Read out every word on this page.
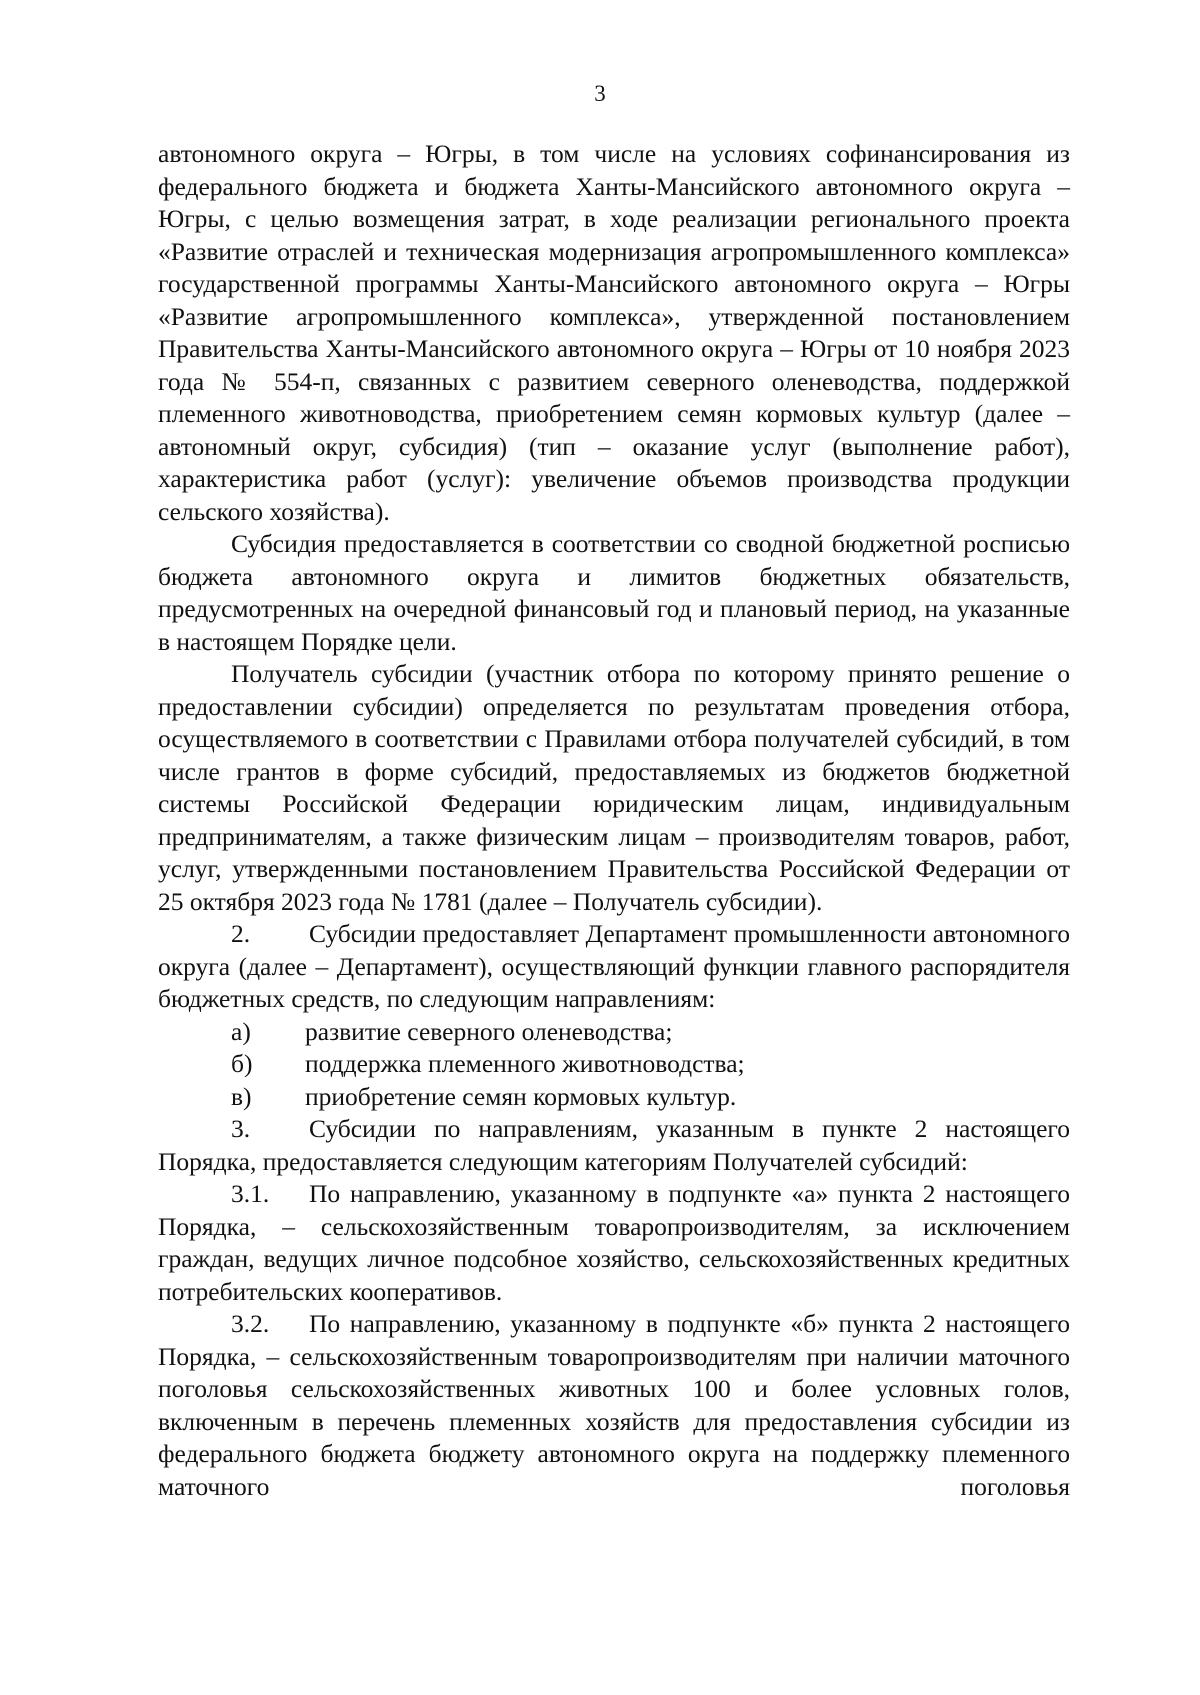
3

автономного округа – Югры, в том числе на условиях софинансирования из федерального бюджета и бюджета Ханты-Мансийского автономного округа – Югры, с целью возмещения затрат, в ходе реализации регионального проекта «Развитие отраслей и техническая модернизация агропромышленного комплекса» государственной программы Ханты-Мансийского автономного округа – Югры «Развитие агропромышленного комплекса», утвержденной постановлением Правительства Ханты-Мансийского автономного округа – Югры от 10 ноября 2023 года № 554-п, связанных с развитием северного оленеводства, поддержкой племенного животноводства, приобретением семян кормовых культур (далее – автономный округ, субсидия) (тип – оказание услуг (выполнение работ), характеристика работ (услуг): увеличение объемов производства продукции сельского хозяйства).

Субсидия предоставляется в соответствии со сводной бюджетной росписью бюджета автономного округа и лимитов бюджетных обязательств, предусмотренных на очередной финансовый год и плановый период, на указанные в настоящем Порядке цели.

Получатель субсидии (участник отбора по которому принято решение о предоставлении субсидии) определяется по результатам проведения отбора, осуществляемого в соответствии с Правилами отбора получателей субсидий, в том числе грантов в форме субсидий, предоставляемых из бюджетов бюджетной системы Российской Федерации юридическим лицам, индивидуальным предпринимателям, а также физическим лицам – производителям товаров, работ, услуг, утвержденными постановлением Правительства Российской Федерации от 25 октября 2023 года № 1781 (далее – Получатель субсидии).

2. Субсидии предоставляет Департамент промышленности автономного округа (далее – Департамент), осуществляющий функции главного распорядителя бюджетных средств, по следующим направлениям:

а)	развитие северного оленеводства;
б)	поддержка племенного животноводства;
в)	приобретение семян кормовых культур.

3. Субсидии по направлениям, указанным в пункте 2 настоящего Порядка, предоставляется следующим категориям Получателей субсидий:

3.1. По направлению, указанному в подпункте «а» пункта 2 настоящего Порядка, – сельскохозяйственным товаропроизводителям, за исключением граждан, ведущих личное подсобное хозяйство, сельскохозяйственных кредитных потребительских кооперативов.

3.2. По направлению, указанному в подпункте «б» пункта 2 настоящего Порядка, – сельскохозяйственным товаропроизводителям при наличии маточного поголовья сельскохозяйственных животных 100 и более условных голов, включенным в перечень племенных хозяйств для предоставления субсидии из федерального бюджета бюджету автономного округа на поддержку племенного маточного поголовья
